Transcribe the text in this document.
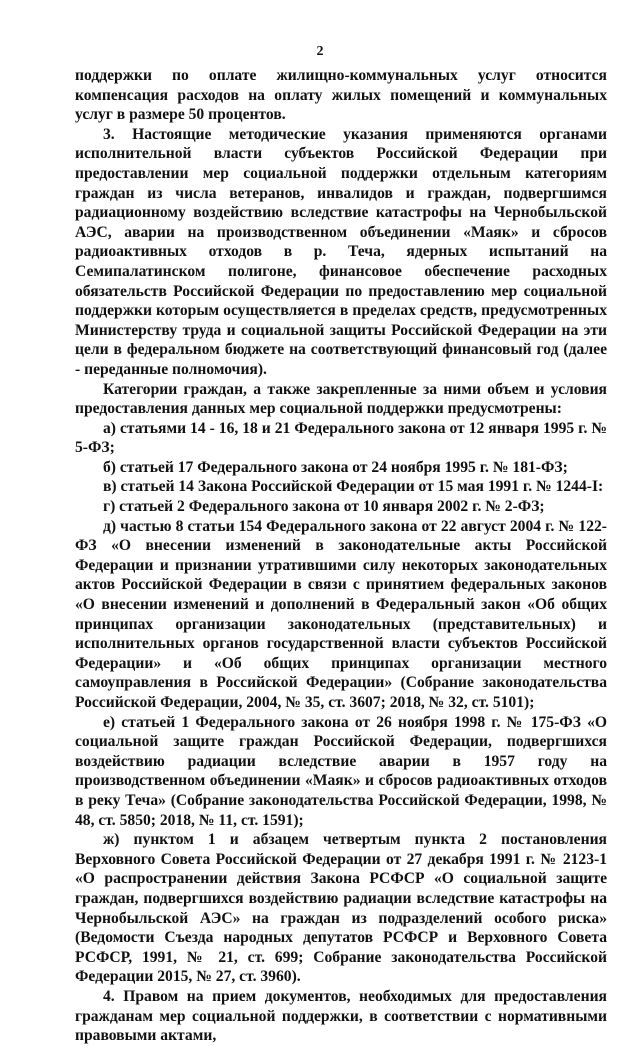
2

поддержки по оплате жилищно-коммунальных услуг относится компенсация расходов на оплату жилых помещений и коммунальных услуг в размере 50 процентов.

3. Настоящие методические указания применяются органами исполнительной власти субъектов Российской Федерации при предоставлении мер социальной поддержки отдельным категориям граждан из числа ветеранов, инвалидов и граждан, подвергшимся радиационному воздействию вследствие катастрофы на Чернобыльской АЭС, аварии на производственном объединении «Маяк» и сбросов радиоактивных отходов в р. Теча, ядерных испытаний на Семипалатинском полигоне, финансовое обеспечение расходных обязательств Российской Федерации по предоставлению мер социальной поддержки которым осуществляется в пределах средств, предусмотренных Министерству труда и социальной защиты Российской Федерации на эти цели в федеральном бюджете на соответствующий финансовый год (далее - переданные полномочия).

Категории граждан, а также закрепленные за ними объем и условия предоставления данных мер социальной поддержки предусмотрены:

а) статьями 14 - 16, 18 и 21 Федерального закона от 12 января 1995 г. № 5-ФЗ;

б) статьей 17 Федерального закона от 24 ноября 1995 г. № 181-ФЗ;

в) статьей 14 Закона Российской Федерации от 15 мая 1991 г. № 1244-I:

г) статьей 2 Федерального закона от 10 января 2002 г. № 2-ФЗ;

д) частью 8 статьи 154 Федерального закона от 22 август 2004 г. № 122-ФЗ «О внесении изменений в законодательные акты Российской Федерации и признании утратившими силу некоторых законодательных актов Российской Федерации в связи с принятием федеральных законов «О внесении изменений и дополнений в Федеральный закон «Об общих принципах организации законодательных (представительных) и исполнительных органов государственной власти субъектов Российской Федерации» и «Об общих принципах организации местного самоуправления в Российской Федерации» (Собрание законодательства Российской Федерации, 2004, № 35, ст. 3607; 2018, № 32, ст. 5101);

е) статьей 1 Федерального закона от 26 ноября 1998 г. № 175-ФЗ «О социальной защите граждан Российской Федерации, подвергшихся воздействию радиации вследствие аварии в 1957 году на производственном объединении «Маяк» и сбросов радиоактивных отходов в реку Теча» (Собрание законодательства Российской Федерации, 1998, № 48, ст. 5850; 2018, № 11, ст. 1591);

ж) пунктом 1 и абзацем четвертым пункта 2 постановления Верховного Совета Российской Федерации от 27 декабря 1991 г. № 2123-1 «О распространении действия Закона РСФСР «О социальной защите граждан, подвергшихся воздействию радиации вследствие катастрофы на Чернобыльской АЭС» на граждан из подразделений особого риска» (Ведомости Съезда народных депутатов РСФСР и Верховного Совета РСФСР, 1991, № 21, ст. 699; Собрание законодательства Российской Федерации 2015, № 27, ст. 3960).

4. Правом на прием документов, необходимых для предоставления гражданам мер социальной поддержки, в соответствии с нормативными правовыми актами,
